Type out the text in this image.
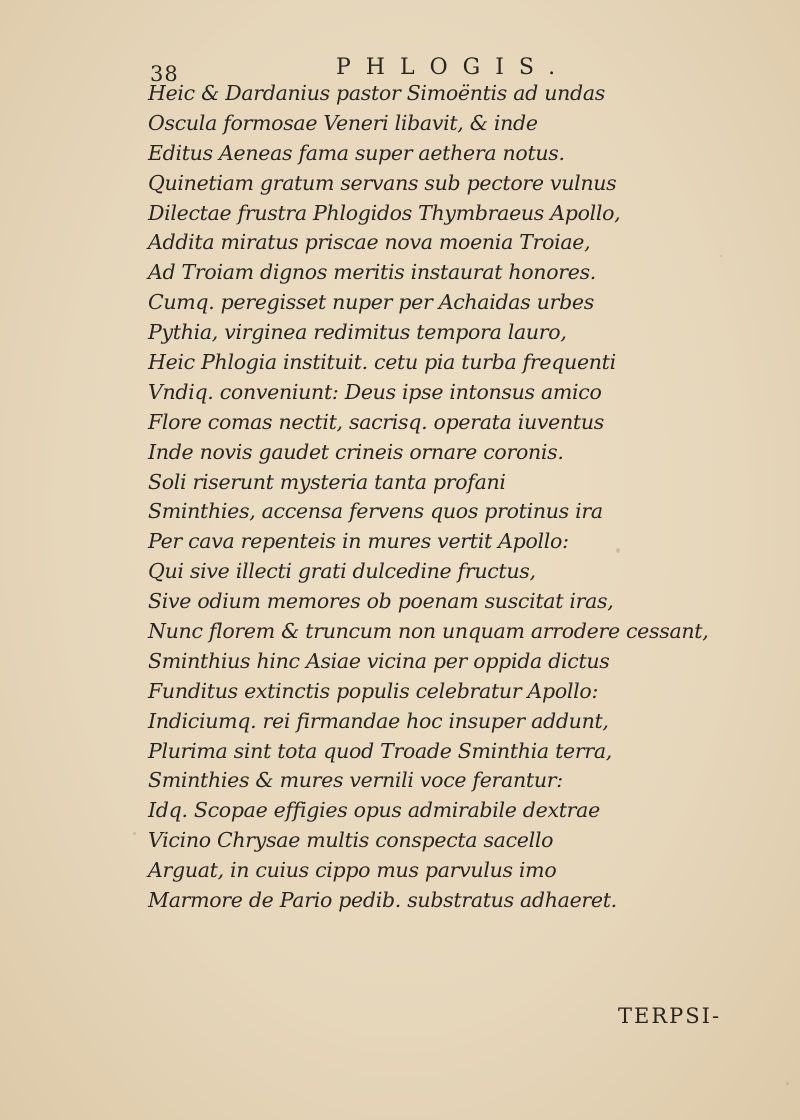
38	PHLOGIS.
Heic & Dardanius pastor Simoëntis ad undas
Oscula formosae Veneri libavit, & inde
Editus Aeneas fama super aethera notus.
Quinetiam gratum servans sub pectore vulnus
Dilectae frustra Phlogidos Thymbraeus Apollo,
Addita miratus priscae nova moenia Troiae,
Ad Troiam dignos meritis instaurat honores.
Cumq. peregisset nuper per Achaidas urbes
Pythia, virginea redimitus tempora lauro,
Heic Phlogia instituit. cetu pia turba frequenti
Vndiq. conveniunt: Deus ipse intonsus amico
Flore comas nectit, sacrisq. operata iuventus
Inde novis gaudet crineis ornare coronis.
Soli riserunt mysteria tanta profani
Sminthies, accensa fervens quos protinus ira
Per cava repenteis in mures vertit Apollo:
Qui sive illecti grati dulcedine fructus,
Sive odium memores ob poenam suscitat iras,
Nunc florem & truncum non unquam arrodere cessant,
Sminthius hinc Asiae vicina per oppida dictus
Funditus extinctis populis celebratur Apollo:
Indiciumq. rei firmandae hoc insuper addunt,
Plurima sint tota quod Troade Sminthia terra,
Sminthies & mures vernili voce ferantur:
Idq. Scopae effigies opus admirabile dextrae
Vicino Chrysae multis conspecta sacello
Arguat, in cuius cippo mus parvulus imo
Marmore de Pario pedib. substratus adhaeret.
TERPSI-
